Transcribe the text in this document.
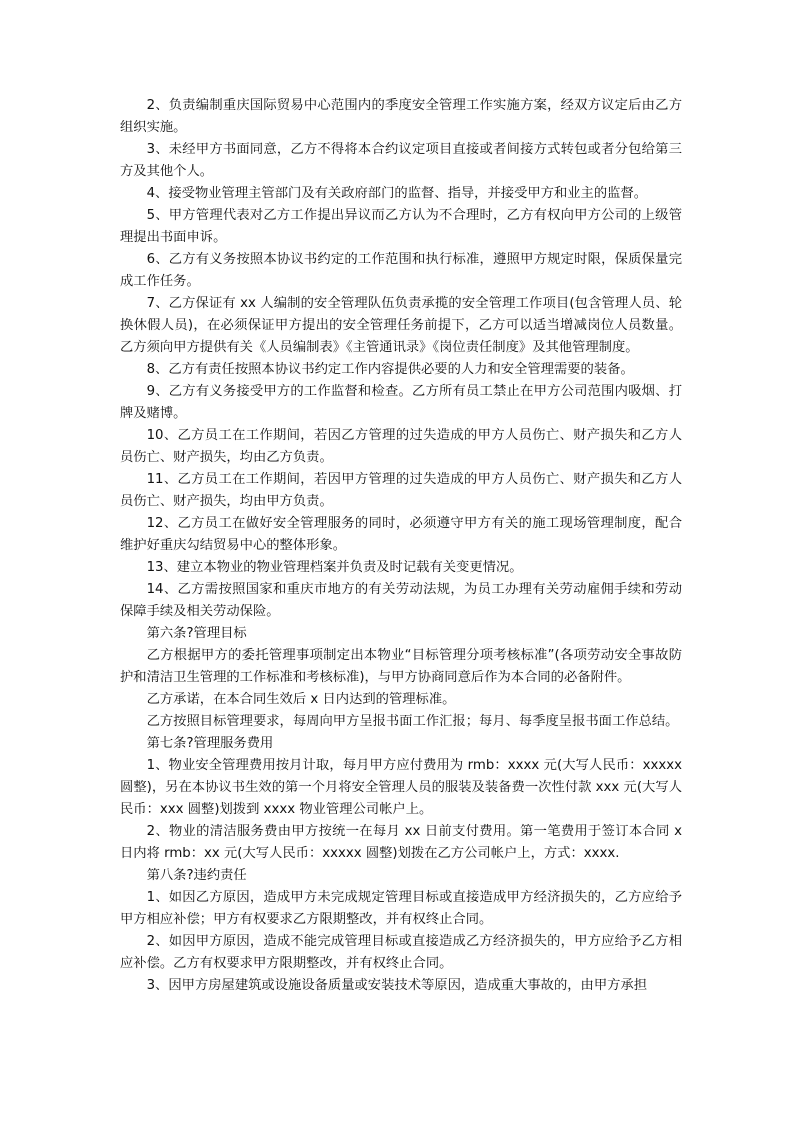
2、负责编制重庆国际贸易中心范围内的季度安全管理工作实施方案，经双方议定后由乙方组织实施。

3、未经甲方书面同意，乙方不得将本合约议定项目直接或者间接方式转包或者分包给第三方及其他个人。

4、接受物业管理主管部门及有关政府部门的监督、指导，并接受甲方和业主的监督。

5、甲方管理代表对乙方工作提出异议而乙方认为不合理时，乙方有权向甲方公司的上级管理提出书面申诉。

6、乙方有义务按照本协议书约定的工作范围和执行标准，遵照甲方规定时限，保质保量完成工作任务。

7、乙方保证有 xx 人编制的安全管理队伍负责承揽的安全管理工作项目(包含管理人员、轮换休假人员)，在必须保证甲方提出的安全管理任务前提下，乙方可以适当增减岗位人员数量。乙方须向甲方提供有关《人员编制表》《主管通讯录》《岗位责任制度》及其他管理制度。

8、乙方有责任按照本协议书约定工作内容提供必要的人力和安全管理需要的装备。

9、乙方有义务接受甲方的工作监督和检查。乙方所有员工禁止在甲方公司范围内吸烟、打牌及赌博。

10、乙方员工在工作期间，若因乙方管理的过失造成的甲方人员伤亡、财产损失和乙方人员伤亡、财产损失，均由乙方负责。

11、乙方员工在工作期间，若因甲方管理的过失造成的甲方人员伤亡、财产损失和乙方人员伤亡、财产损失，均由甲方负责。

12、乙方员工在做好安全管理服务的同时，必须遵守甲方有关的施工现场管理制度，配合维护好重庆勾结贸易中心的整体形象。

13、建立本物业的物业管理档案并负责及时记载有关变更情况。

14、乙方需按照国家和重庆市地方的有关劳动法规，为员工办理有关劳动雇佣手续和劳动保障手续及相关劳动保险。

第六条?管理目标

乙方根据甲方的委托管理事项制定出本物业“目标管理分项考核标准”(各项劳动安全事故防护和清洁卫生管理的工作标准和考核标准)，与甲方协商同意后作为本合同的必备附件。

乙方承诺，在本合同生效后 x 日内达到的管理标准。

乙方按照目标管理要求，每周向甲方呈报书面工作汇报；每月、每季度呈报书面工作总结。

第七条?管理服务费用

1、物业安全管理费用按月计取，每月甲方应付费用为 rmb：xxxx 元(大写人民币：xxxxx 圆整)，另在本协议书生效的第一个月将安全管理人员的服装及装备费一次性付款 xxx 元(大写人民币：xxx 圆整)划拨到 xxxx 物业管理公司帐户上。

2、物业的清洁服务费由甲方按统一在每月 xx 日前支付费用。第一笔费用于签订本合同 x 日内将 rmb：xx 元(大写人民币：xxxxx 圆整)划拨在乙方公司帐户上，方式：xxxx.

第八条?违约责任

1、如因乙方原因，造成甲方未完成规定管理目标或直接造成甲方经济损失的，乙方应给予甲方相应补偿；甲方有权要求乙方限期整改，并有权终止合同。

2、如因甲方原因，造成不能完成管理目标或直接造成乙方经济损失的，甲方应给予乙方相应补偿。乙方有权要求甲方限期整改，并有权终止合同。

3、因甲方房屋建筑或设施设备质量或安装技术等原因，造成重大事故的，由甲方承担
